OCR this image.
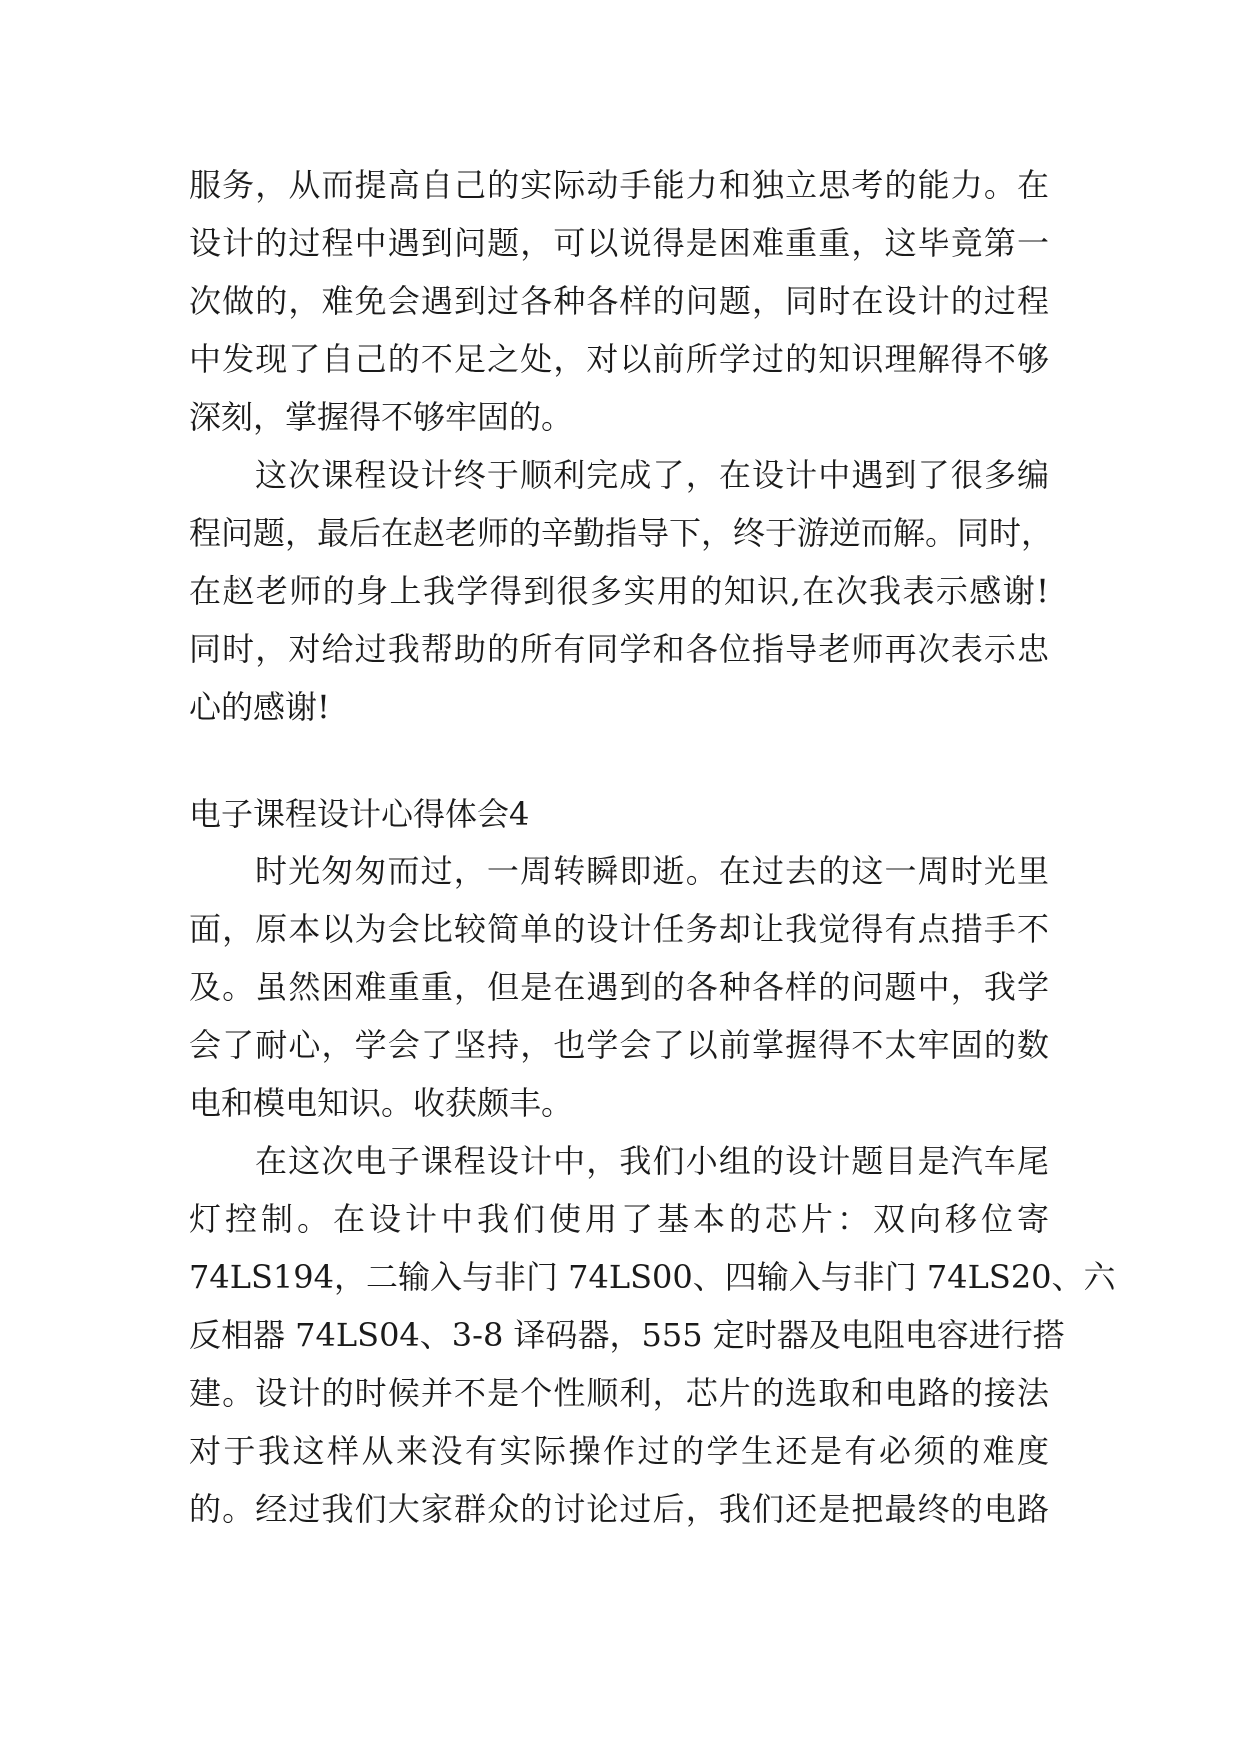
服务，从而提高自己的实际动手能力和独立思考的能力。在
设计的过程中遇到问题，可以说得是困难重重，这毕竟第一
次做的，难免会遇到过各种各样的问题，同时在设计的过程
中发现了自己的不足之处，对以前所学过的知识理解得不够
深刻，掌握得不够牢固的。
这次课程设计终于顺利完成了，在设计中遇到了很多编
程问题，最后在赵老师的辛勤指导下，终于游逆而解。同时，
在赵老师的身上我学得到很多实用的知识,在次我表示感谢!
同时，对给过我帮助的所有同学和各位指导老师再次表示忠
心的感谢!
电子课程设计心得体会4
时光匆匆而过，一周转瞬即逝。在过去的这一周时光里
面，原本以为会比较简单的设计任务却让我觉得有点措手不
及。虽然困难重重，但是在遇到的各种各样的问题中，我学
会了耐心，学会了坚持，也学会了以前掌握得不太牢固的数
电和模电知识。收获颇丰。
在这次电子课程设计中，我们小组的设计题目是汽车尾
灯控制。在设计中我们使用了基本的芯片：双向移位寄
74LS194，二输入与非门 74LS00、四输入与非门 74LS20、六
反相器 74LS04、3-8 译码器，555 定时器及电阻电容进行搭
建。设计的时候并不是个性顺利，芯片的选取和电路的接法
对于我这样从来没有实际操作过的学生还是有必须的难度
的。经过我们大家群众的讨论过后，我们还是把最终的电路
